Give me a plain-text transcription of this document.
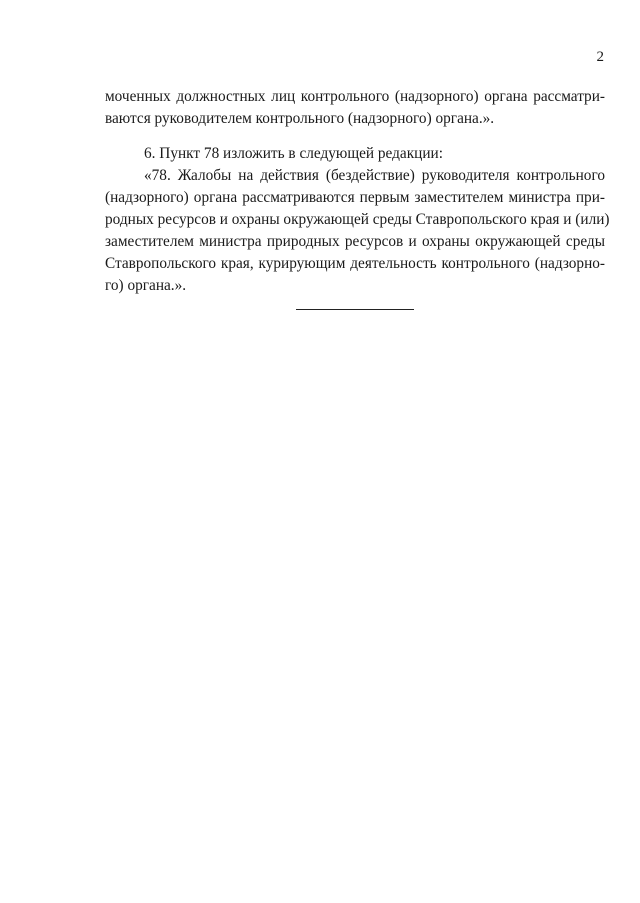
2
моченных должностных лиц контрольного (надзорного) органа рассматри-
ваются руководителем контрольного (надзорного) органа.».
6. Пункт 78 изложить в следующей редакции:
«78. Жалобы на действия (бездействие) руководителя контрольного
(надзорного) органа рассматриваются первым заместителем министра при-
родных ресурсов и охраны окружающей среды Ставропольского края и (или)
заместителем министра природных ресурсов и охраны окружающей среды
Ставропольского края, курирующим деятельность контрольного (надзорно-
го) органа.».
